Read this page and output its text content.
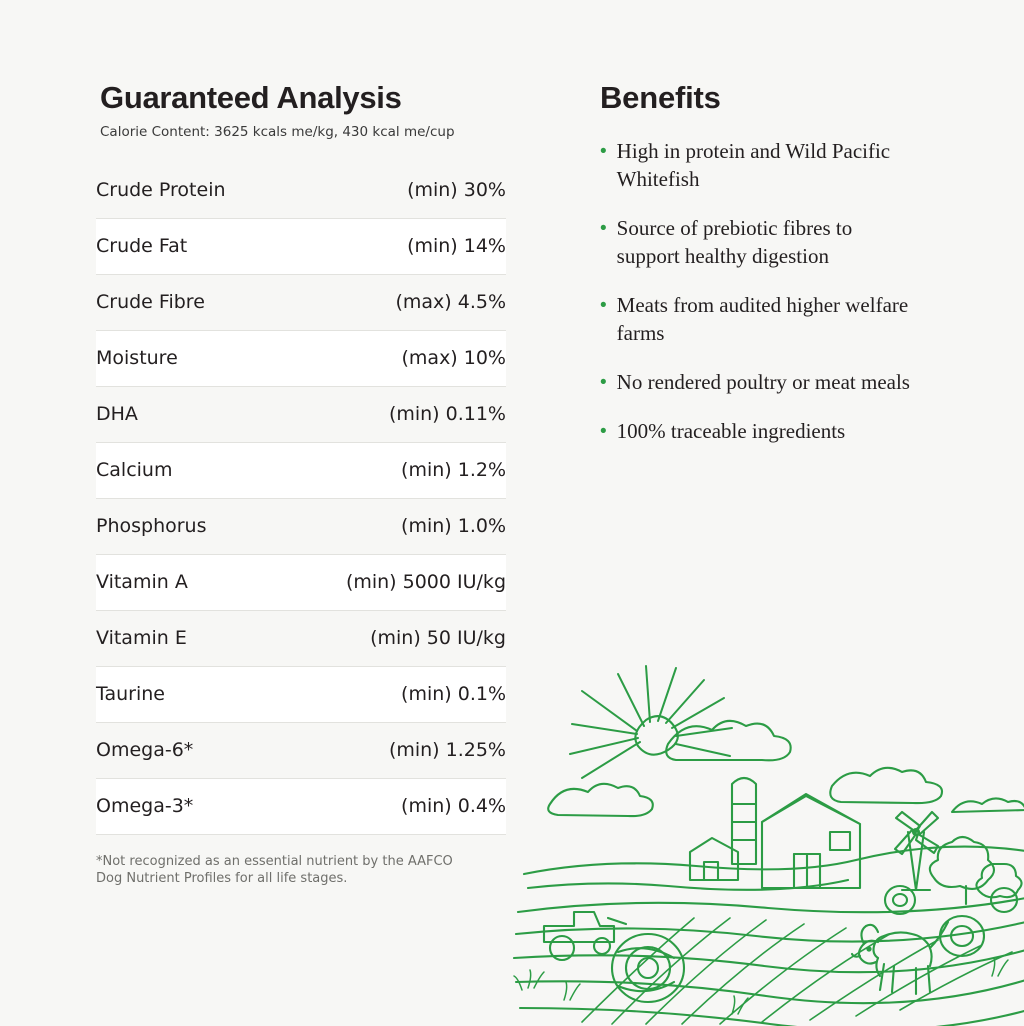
Guaranteed Analysis

Calorie Content: 3625 kcals me/kg, 430 kcal me/cup

Crude Protein	(min) 30%
Crude Fat	(min) 14%
Crude Fibre	(max) 4.5%
Moisture	(max) 10%
DHA	(min) 0.11%
Calcium	(min) 1.2%
Phosphorus	(min) 1.0%
Vitamin A	(min) 5000 IU/kg
Vitamin E	(min) 50 IU/kg
Taurine	(min) 0.1%
Omega-6*	(min) 1.25%
Omega-3*	(min) 0.4%

*Not recognized as an essential nutrient by the AAFCO Dog Nutrient Profiles for all life stages.

Benefits
• High in protein and Wild Pacific Whitefish
• Source of prebiotic fibres to support healthy digestion
• Meats from audited higher welfare farms
• No rendered poultry or meat meals
• 100% traceable ingredients
